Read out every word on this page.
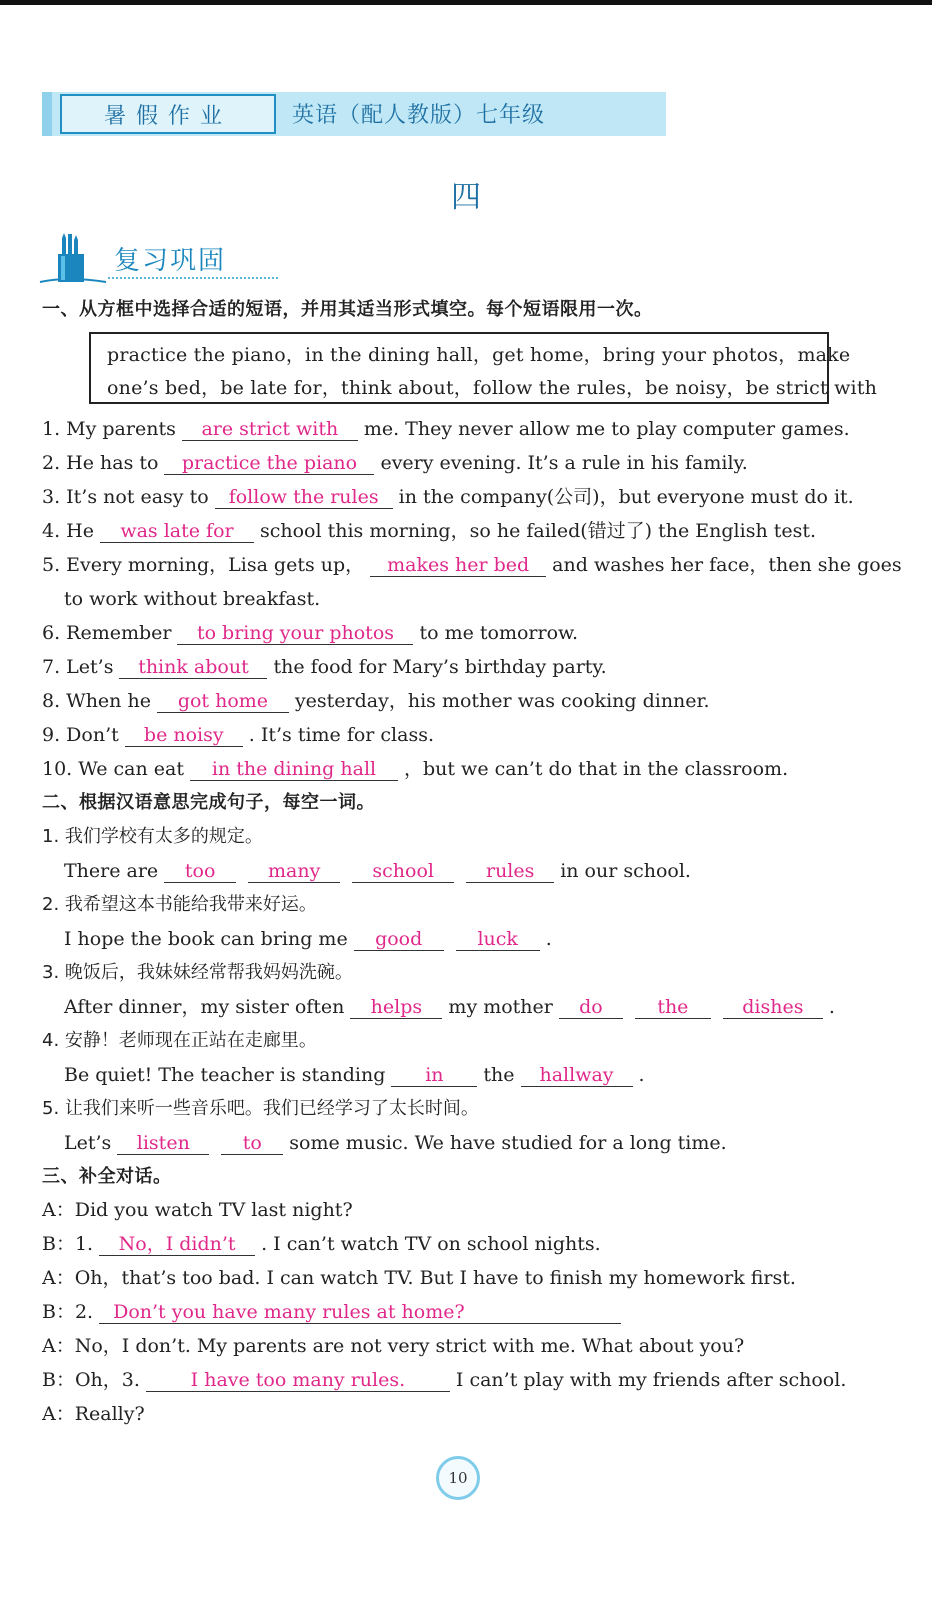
暑假作业	英语（配人教版）七年级
四
复习巩固
一、从方框中选择合适的短语，并用其适当形式填空。每个短语限用一次。
practice the piano，in the dining hall，get home，bring your photos，make
one’s bed，be late for，think about，follow the rules，be noisy，be strict with
1. My parents are strict with me. They never allow me to play computer games.
2. He has to practice the piano every evening. It’s a rule in his family.
3. It’s not easy to follow the rules in the company(公司)，but everyone must do it.
4. He was late for school this morning，so he failed(错过了) the English test.
5. Every morning，Lisa gets up， makes her bed and washes her face，then she goes
to work without breakfast.
6. Remember to bring your photos to me tomorrow.
7. Let’s think about the food for Mary’s birthday party.
8. When he got home yesterday，his mother was cooking dinner.
9. Don’t be noisy . It’s time for class.
10. We can eat in the dining hall ，but we can’t do that in the classroom.
二、根据汉语意思完成句子，每空一词。
1. 我们学校有太多的规定。
There are too	many	school	rules in our school.
2. 我希望这本书能给我带来好运。
I hope the book can bring me good	luck .
3. 晚饭后，我妹妹经常帮我妈妈洗碗。
After dinner，my sister often helps my mother do	the	dishes .
4. 安静！老师现在正站在走廊里。
Be quiet! The teacher is standing in the hallway .
5. 让我们来听一些音乐吧。我们已经学习了太长时间。
Let’s listen	to some music. We have studied for a long time.
三、补全对话。
A：Did you watch TV last night?
B：1. No，I didn’t . I can’t watch TV on school nights.
A：Oh，that’s too bad. I can watch TV. But I have to finish my homework first.
B：2. Don’t you have many rules at home?
A：No，I don’t. My parents are not very strict with me. What about you?
B：Oh，3.	I have too many rules.	I can’t play with my friends after school.
A：Really?
10
